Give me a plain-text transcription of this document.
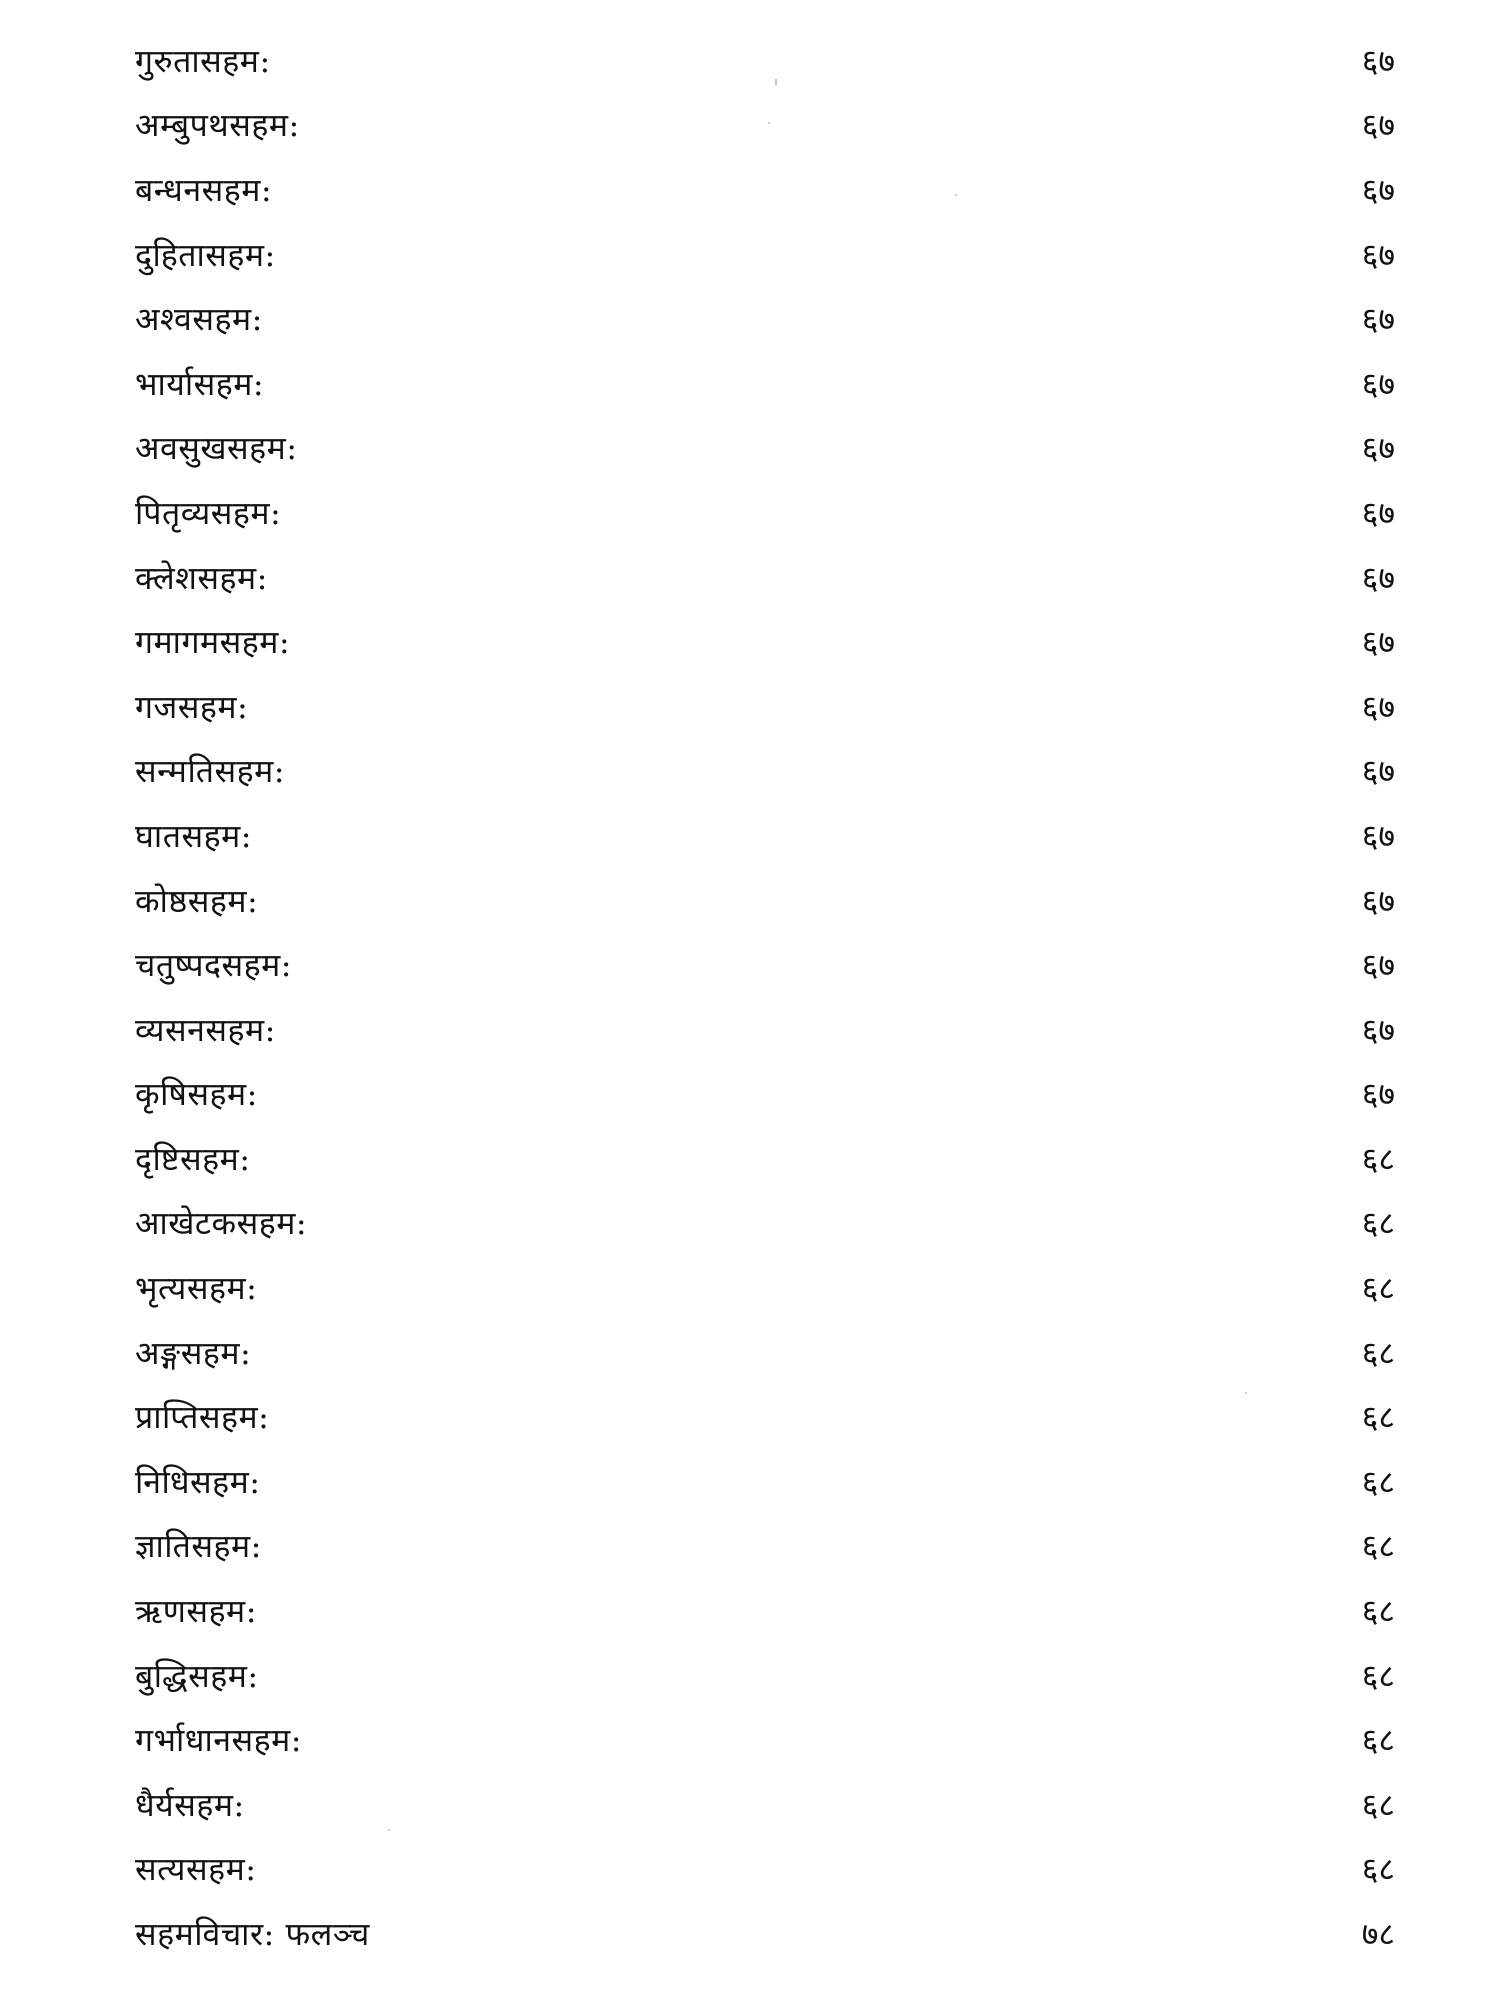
गुरुतासहम:	६७
अम्बुपथसहम:	६७
बन्धनसहम:	६७
दुहितासहम:	६७
अश्वसहम:	६७
भार्यासहम:	६७
अवसुखसहम:	६७
पितृव्यसहम:	६७
क्लेशसहम:	६७
गमागमसहम:	६७
गजसहम:	६७
सन्मतिसहम:	६७
घातसहम:	६७
कोष्ठसहम:	६७
चतुष्पदसहम:	६७
व्यसनसहम:	६७
कृषिसहम:	६७
दृष्टिसहम:	६८
आखेटकसहम:	६८
भृत्यसहम:	६८
अङ्गसहम:	६८
प्राप्तिसहम:	६८
निधिसहम:	६८
ज्ञातिसहम:	६८
ऋणसहम:	६८
बुद्धिसहम:	६८
गर्भाधानसहम:	६८
धैर्यसहम:	६८
सत्यसहम:	६८
सहमविचार: फलञ्च	७८
